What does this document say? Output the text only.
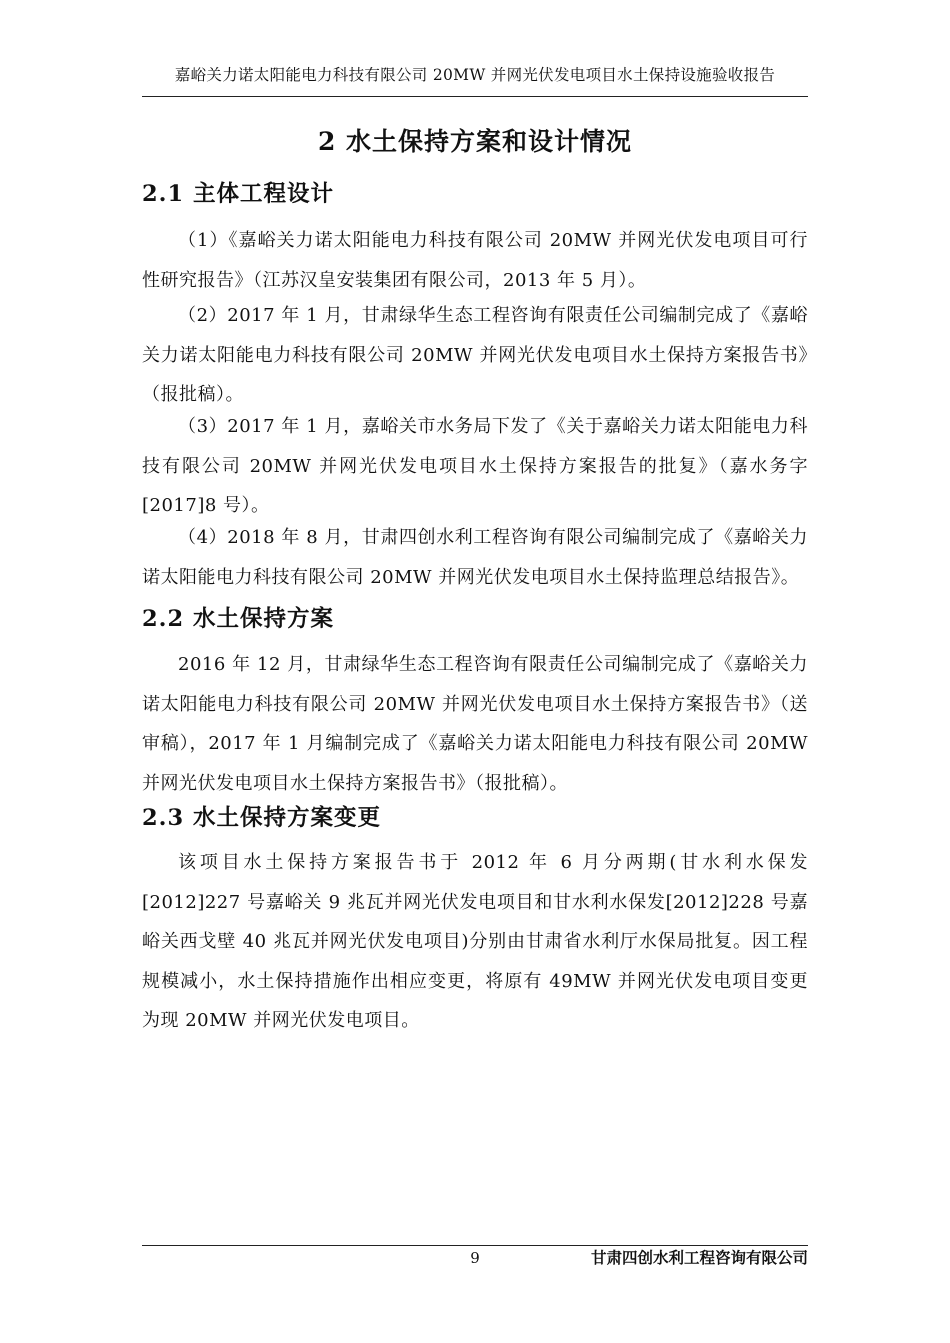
嘉峪关力诺太阳能电力科技有限公司 20MW 并网光伏发电项目水土保持设施验收报告
2 水土保持方案和设计情况
2.1 主体工程设计

（1）《嘉峪关力诺太阳能电力科技有限公司 20MW 并网光伏发电项目可行性研究报告》（江苏汉皇安装集团有限公司，2013 年 5 月）。

（2）2017 年 1 月，甘肃绿华生态工程咨询有限责任公司编制完成了《嘉峪关力诺太阳能电力科技有限公司 20MW 并网光伏发电项目水土保持方案报告书》（报批稿）。

（3）2017 年 1 月，嘉峪关市水务局下发了《关于嘉峪关力诺太阳能电力科技有限公司 20MW 并网光伏发电项目水土保持方案报告的批复》（嘉水务字[2017]8 号）。

（4）2018 年 8 月，甘肃四创水利工程咨询有限公司编制完成了《嘉峪关力诺太阳能电力科技有限公司 20MW 并网光伏发电项目水土保持监理总结报告》。

2.2 水土保持方案

2016 年 12 月，甘肃绿华生态工程咨询有限责任公司编制完成了《嘉峪关力诺太阳能电力科技有限公司 20MW 并网光伏发电项目水土保持方案报告书》（送审稿），2017 年 1 月编制完成了《嘉峪关力诺太阳能电力科技有限公司 20MW 并网光伏发电项目水土保持方案报告书》（报批稿）。

2.3 水土保持方案变更

该项目水土保持方案报告书于 2012 年 6 月分两期(甘水利水保发[2012]227 号嘉峪关 9 兆瓦并网光伏发电项目和甘水利水保发[2012]228 号嘉峪关西戈壁 40 兆瓦并网光伏发电项目)分别由甘肃省水利厅水保局批复。因工程规模减小，水土保持措施作出相应变更，将原有 49MW 并网光伏发电项目变更为现 20MW 并网光伏发电项目。

9	甘肃四创水利工程咨询有限公司
